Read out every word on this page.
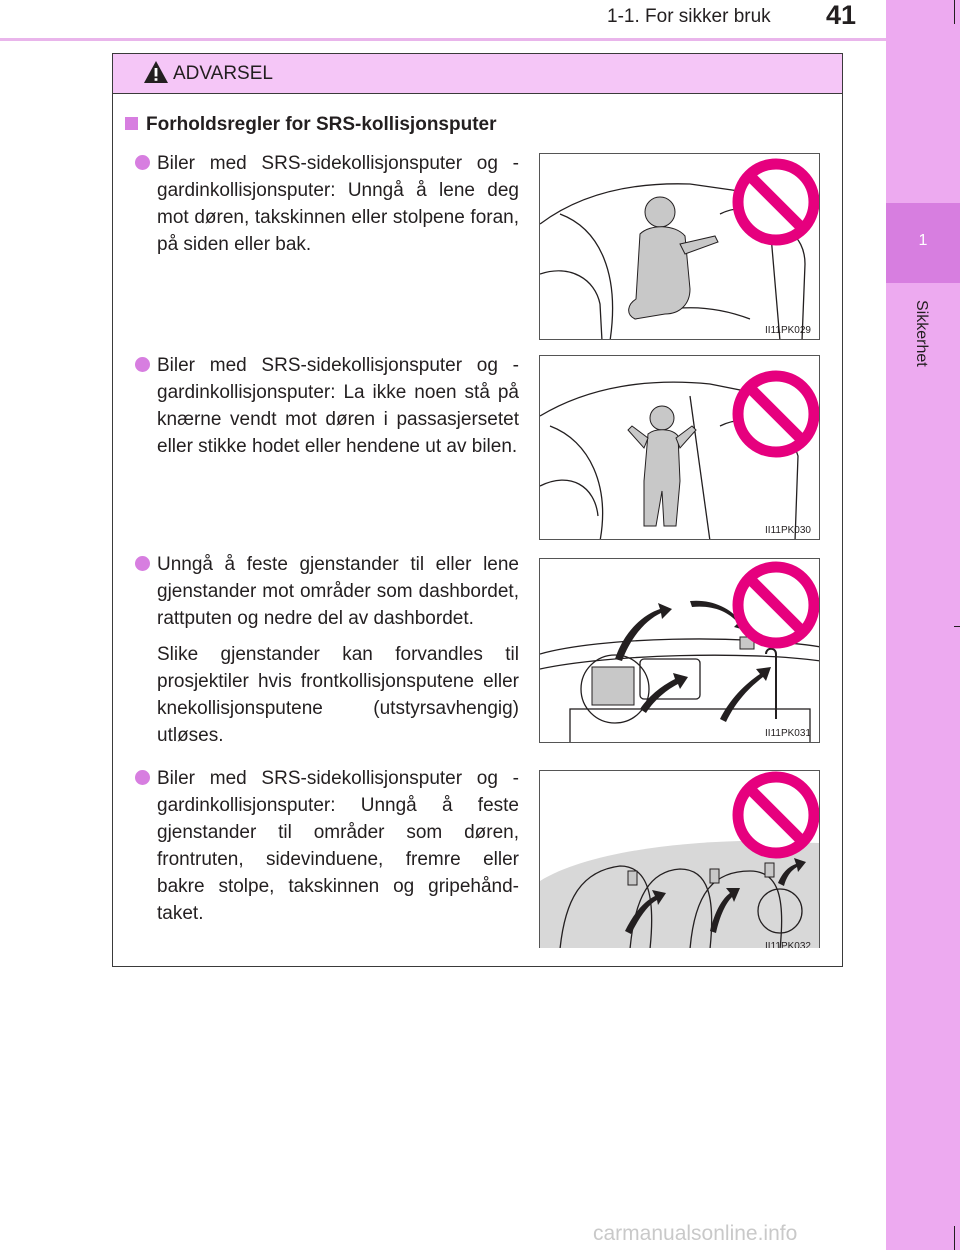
1-1. For sikker bruk 41
1
Sikkerhet
ADVARSEL
Forholdsregler for SRS-kollisjonsputer

Biler med SRS-sidekollisjonsputer og -gardinkollisjonsputer: Unngå å lene deg mot døren, takskinnen eller stolpene foran, på siden eller bak.

II11PK029

Biler med SRS-sidekollisjonsputer og -gardinkollisjonsputer: La ikke noen stå på knærne vendt mot døren i passasjersetet eller stikke hodet eller hendene ut av bilen.

II11PK030

Unngå å feste gjenstander til eller lene gjenstander mot områder som dashbordet, rattputen og nedre del av dashbordet.

Slike gjenstander kan forvandles til prosjektiler hvis frontkollisjonsputene eller knekollisjonsputene (utstyrsavhengig) utløses.	II11PK031

Biler med SRS-sidekollisjonsputer og -gardinkollisjonsputer: Unngå å feste gjenstander til områder som døren, frontruten, sidevinduene, fremre eller bakre stolpe, takskinnen og gripehåndtaket.

II11PK032
carmanualsonline.info
